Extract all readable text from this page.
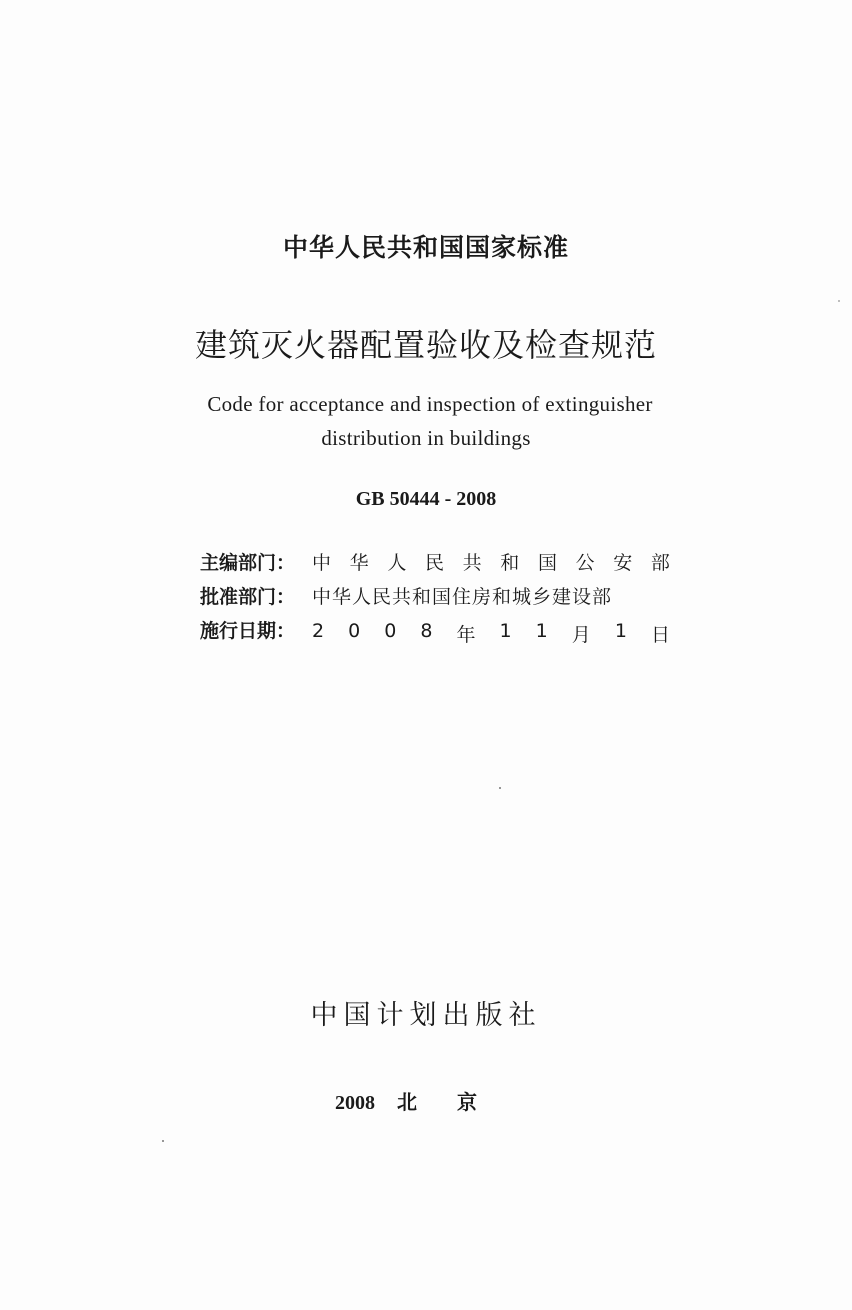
中华人民共和国国家标准
建筑灭火器配置验收及检查规范
Code for acceptance and inspection of extinguisher
distribution in buildings
GB 50444 - 2008
主编部门： 中 华 人 民 共 和 国 公 安 部
批准部门： 中华人民共和国住房和城乡建设部
施行日期： 2 0 0 8 年 1 1 月 1 日
中国计划出版社
2008 北京
